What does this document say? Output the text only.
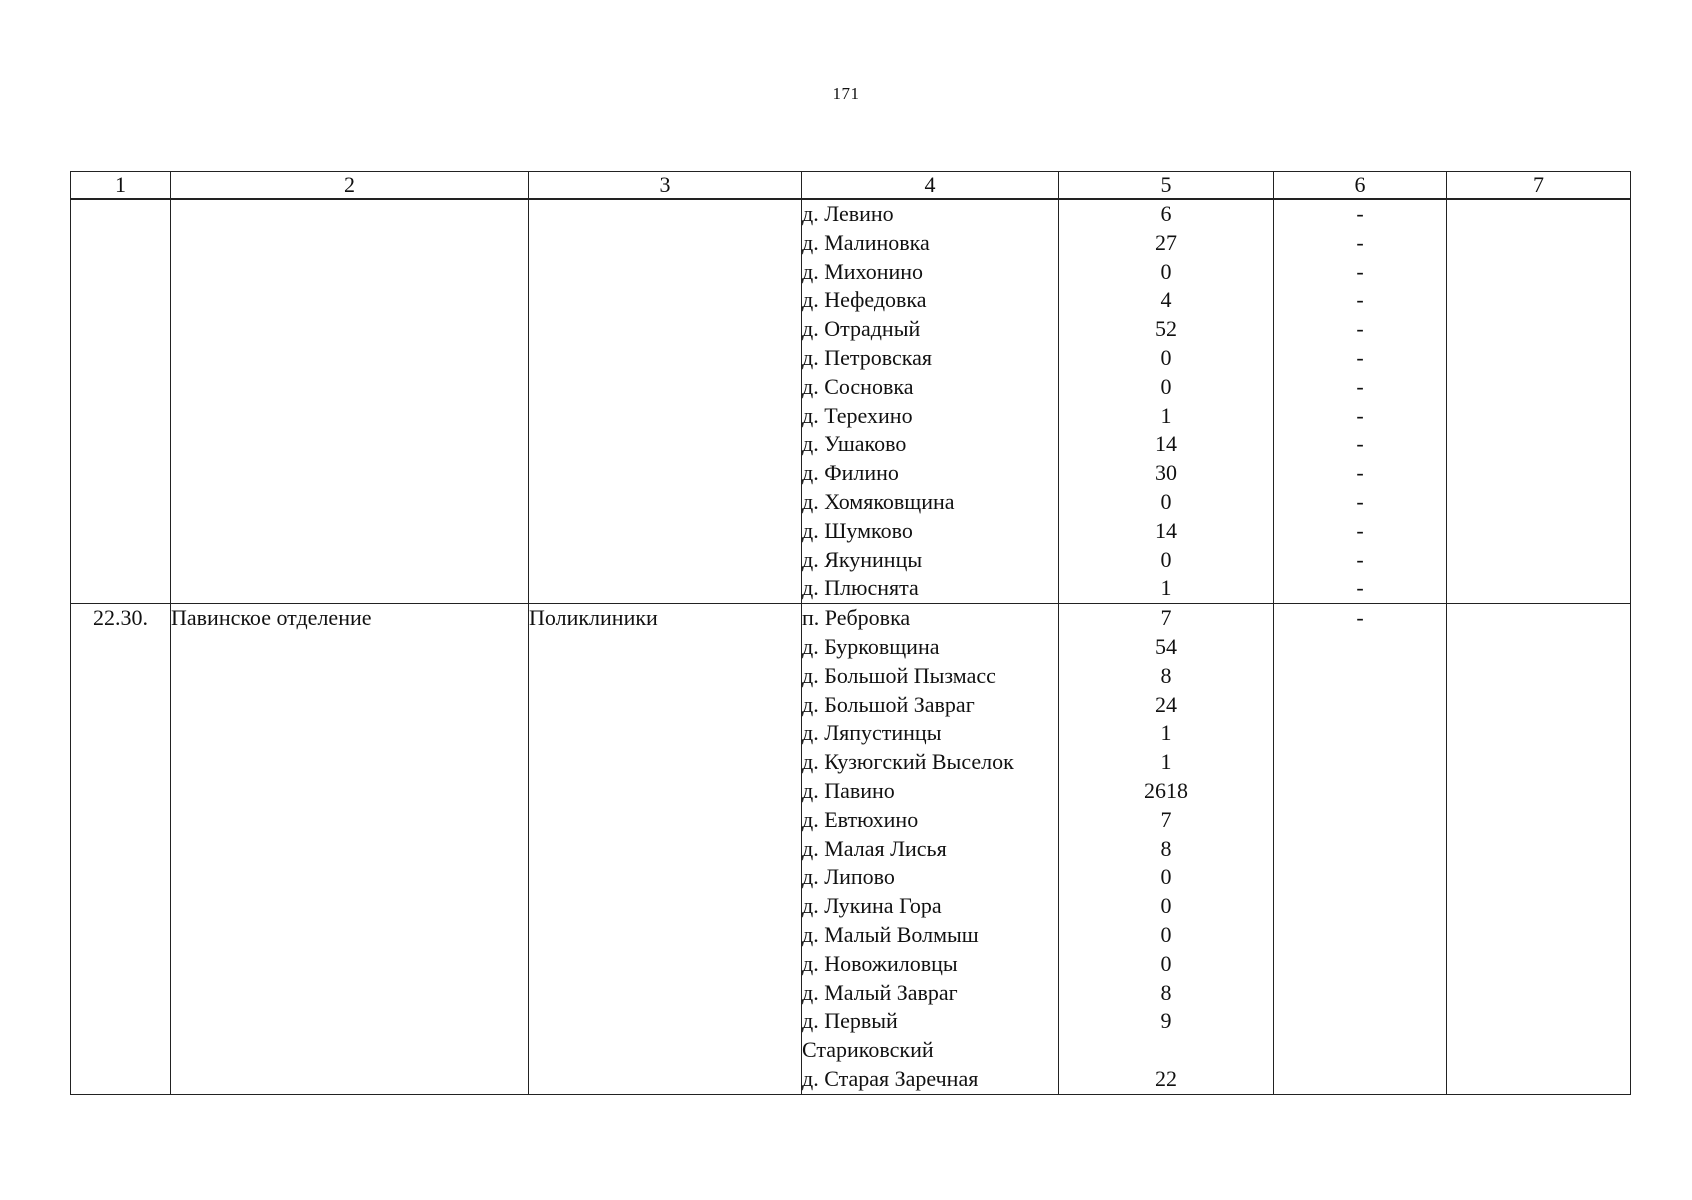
171
1	2	3	4	5	6	7
			д. Левино	6	-	
			д. Малиновка	27	-	
			д. Михонино	0	-	
			д. Нефедовка	4	-	
			д. Отрадный	52	-	
			д. Петровская	0	-	
			д. Сосновка	0	-	
			д. Терехино	1	-	
			д. Ушаково	14	-	
			д. Филино	30	-	
			д. Хомяковщина	0	-	
			д. Шумково	14	-	
			д. Якунинцы	0	-	
			д. Плюснята	1	-	
22.30.	Павинское отделение	Поликлиники	п. Ребровка	7	-	
			д. Бурковщина	54		
			д. Большой Пызмасс	8		
			д. Большой Завраг	24		
			д. Ляпустинцы	1		
			д. Кузюгский Выселок	1		
			д. Павино	2618		
			д. Евтюхино	7		
			д. Малая Лисья	8		
			д. Липово	0		
			д. Лукина Гора	0		
			д. Малый Волмыш	0		
			д. Новожиловцы	0		
			д. Малый Завраг	8		
			д. Первый	9		
			Стариковский			
			д. Старая Заречная	22		
